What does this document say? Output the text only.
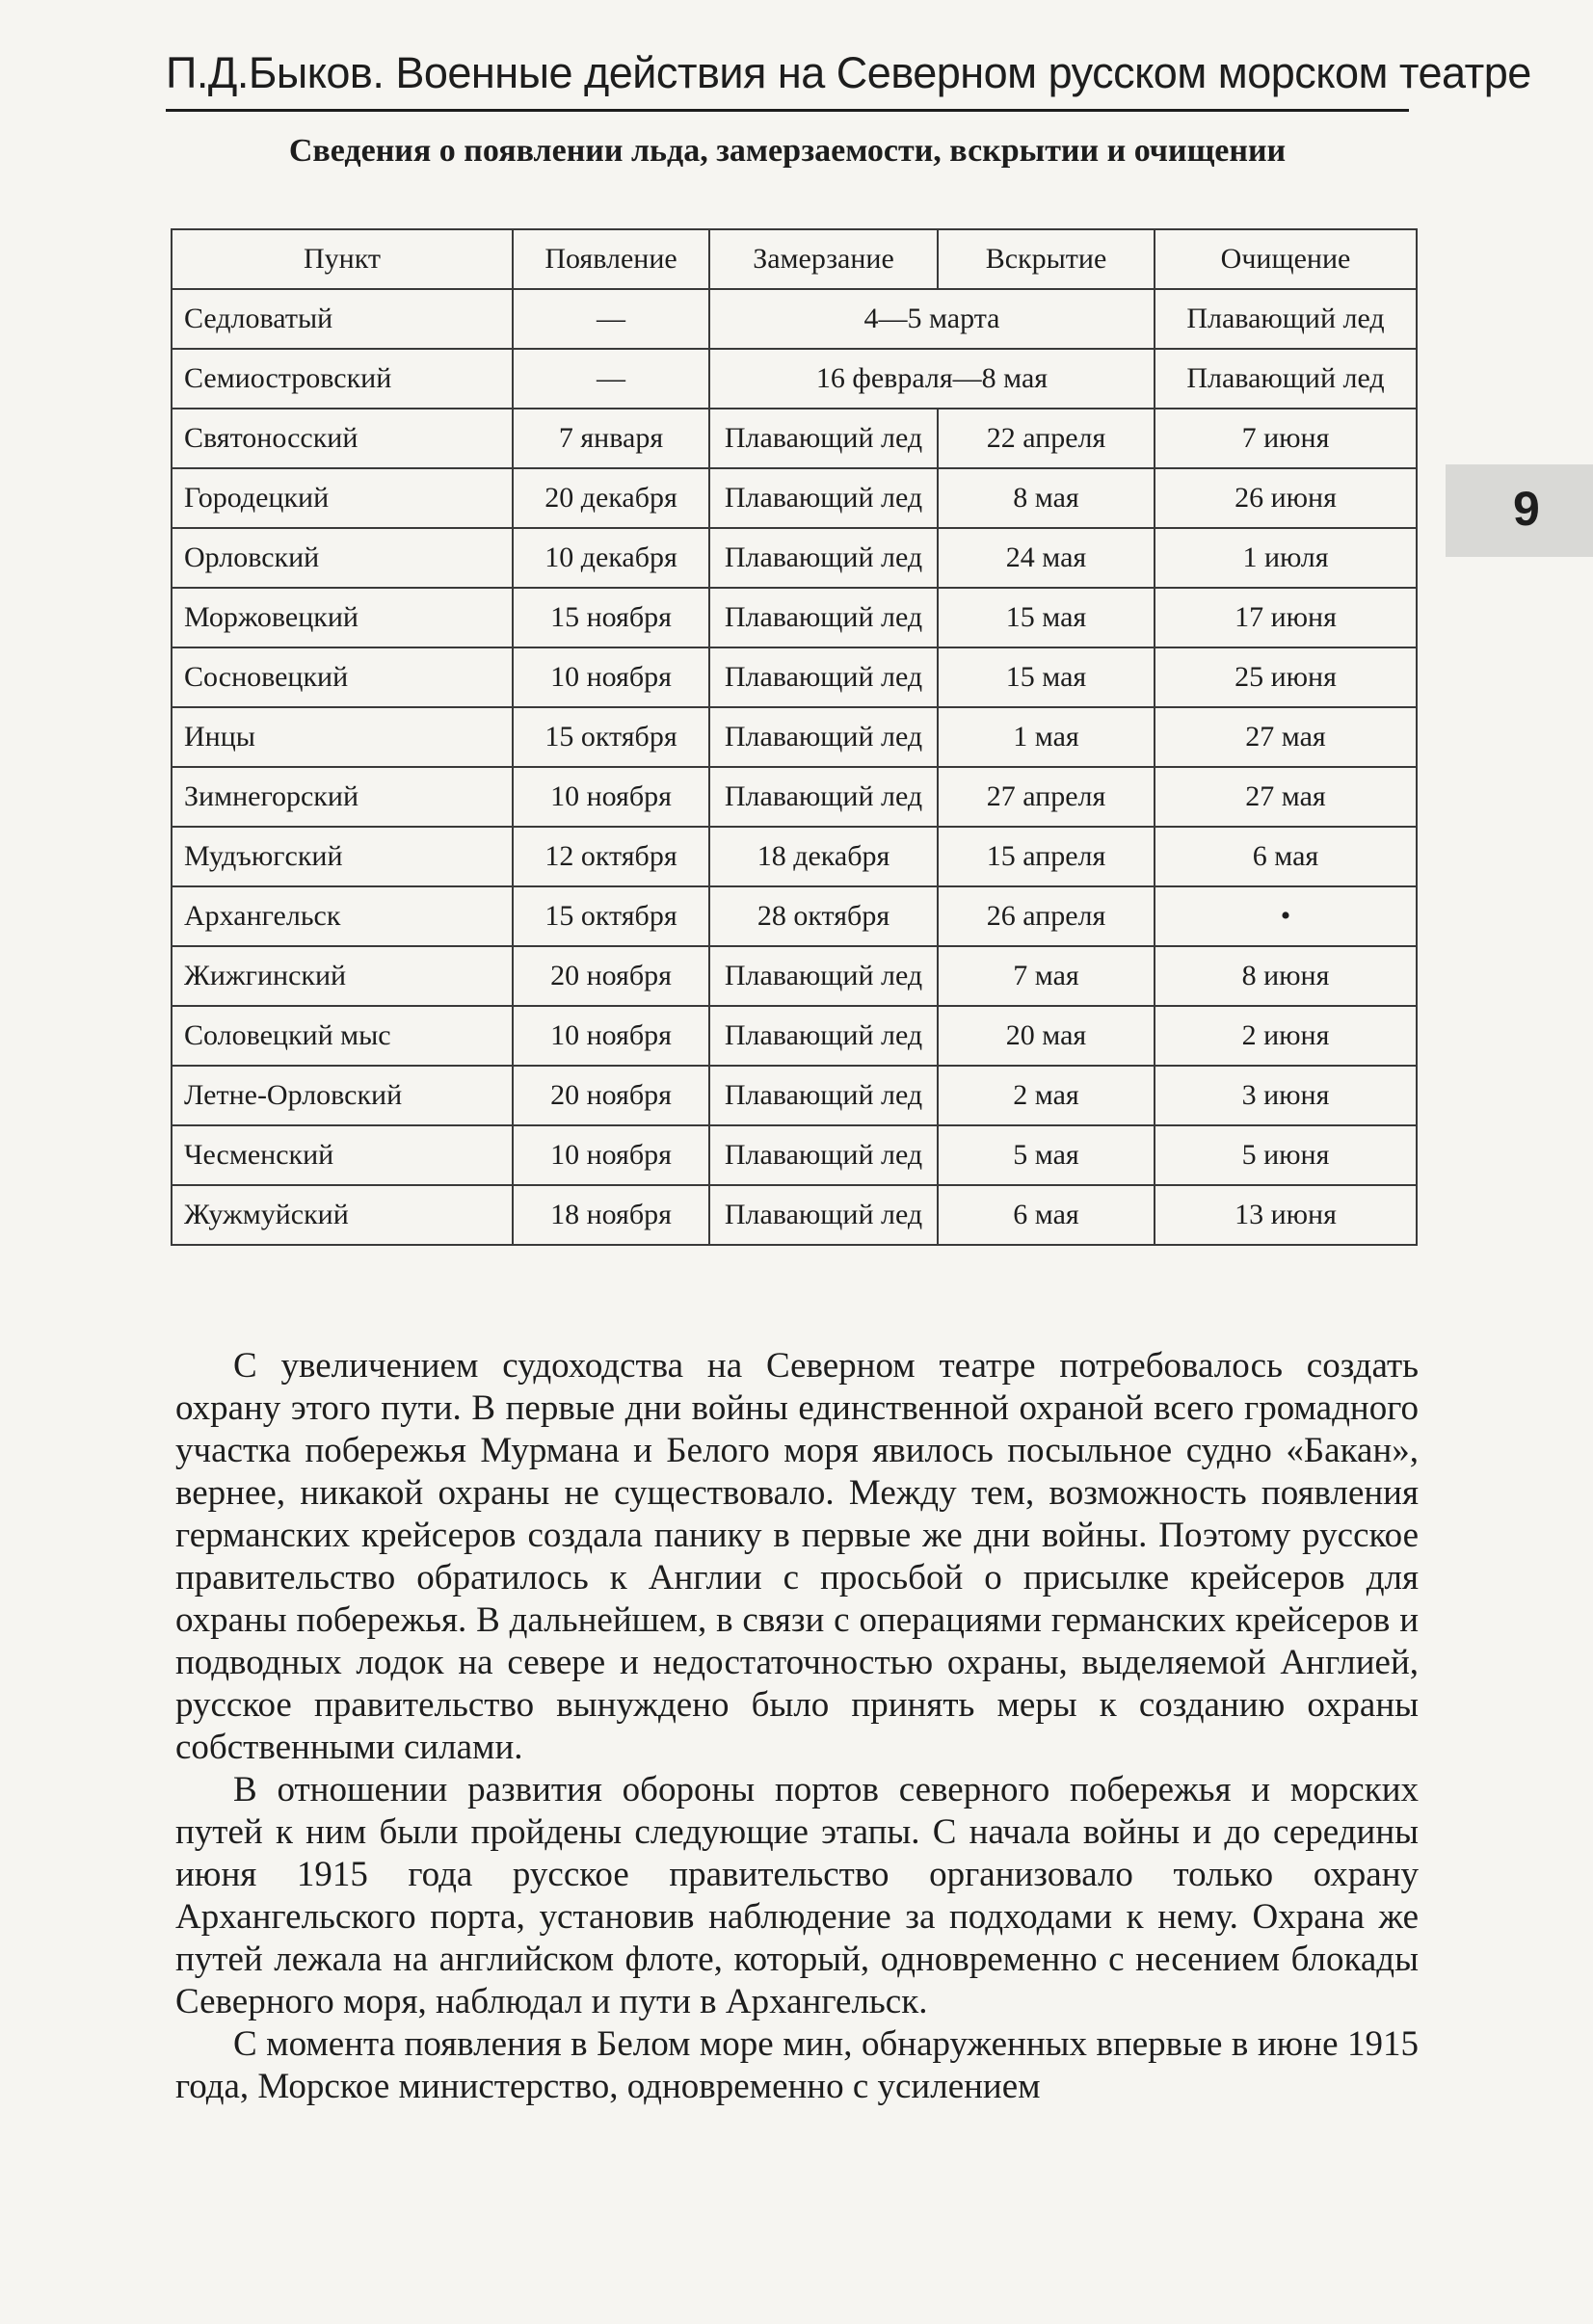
П.Д.Быков. Военные действия на Северном русском морском театре
9
Сведения о появлении льда, замерзаемости, вскрытии и очищении
Пункт	Появление	Замерзание	Вскрытие	Очищение
Седловатый	—	4—5 марта		Плавающий лед
Семиостровский	—	16 февраля—8 мая		Плавающий лед
Святоносский	7 января	Плавающий лед	22 апреля	7 июня
Городецкий	20 декабря	Плавающий лед	8 мая	26 июня
Орловский	10 декабря	Плавающий лед	24 мая	1 июля
Моржовецкий	15 ноября	Плавающий лед	15 мая	17 июня
Сосновецкий	10 ноября	Плавающий лед	15 мая	25 июня
Инцы	15 октября	Плавающий лед	1 мая	27 мая
Зимнегорский	10 ноября	Плавающий лед	27 апреля	27 мая
Мудъюгский	12 октября	18 декабря	15 апреля	6 мая
Архангельск	15 октября	28 октября	26 апреля	•
Жижгинский	20 ноября	Плавающий лед	7 мая	8 июня
Соловецкий мыс	10 ноября	Плавающий лед	20 мая	2 июня
Летне-Орловский	20 ноября	Плавающий лед	2 мая	3 июня
Чесменский	10 ноября	Плавающий лед	5 мая	5 июня
Жужмуйский	18 ноября	Плавающий лед	6 мая	13 июня

С увеличением судоходства на Северном театре потребовалось создать охрану этого пути. В первые дни войны единственной охраной всего громадного участка побережья Мурмана и Белого моря явилось посыльное судно «Бакан», вернее, никакой охраны не существовало. Между тем, возможность появления германских крейсеров создала панику в первые же дни войны. Поэтому русское правительство обратилось к Англии с просьбой о присылке крейсеров для охраны побережья. В дальнейшем, в связи с операциями германских крейсеров и подводных лодок на севере и недостаточностью охраны, выделяемой Англией, русское правительство вынуждено было принять меры к созданию охраны собственными силами.

В отношении развития обороны портов северного побережья и морских путей к ним были пройдены следующие этапы. С начала войны и до середины июня 1915 года русское правительство организовало только охрану Архангельского порта, установив наблюдение за подходами к нему. Охрана же путей лежала на английском флоте, который, одновременно с несением блокады Северного моря, наблюдал и пути в Архангельск.

С момента появления в Белом море мин, обнаруженных впервые в июне 1915 года, Морское министерство, одновременно с усилением
